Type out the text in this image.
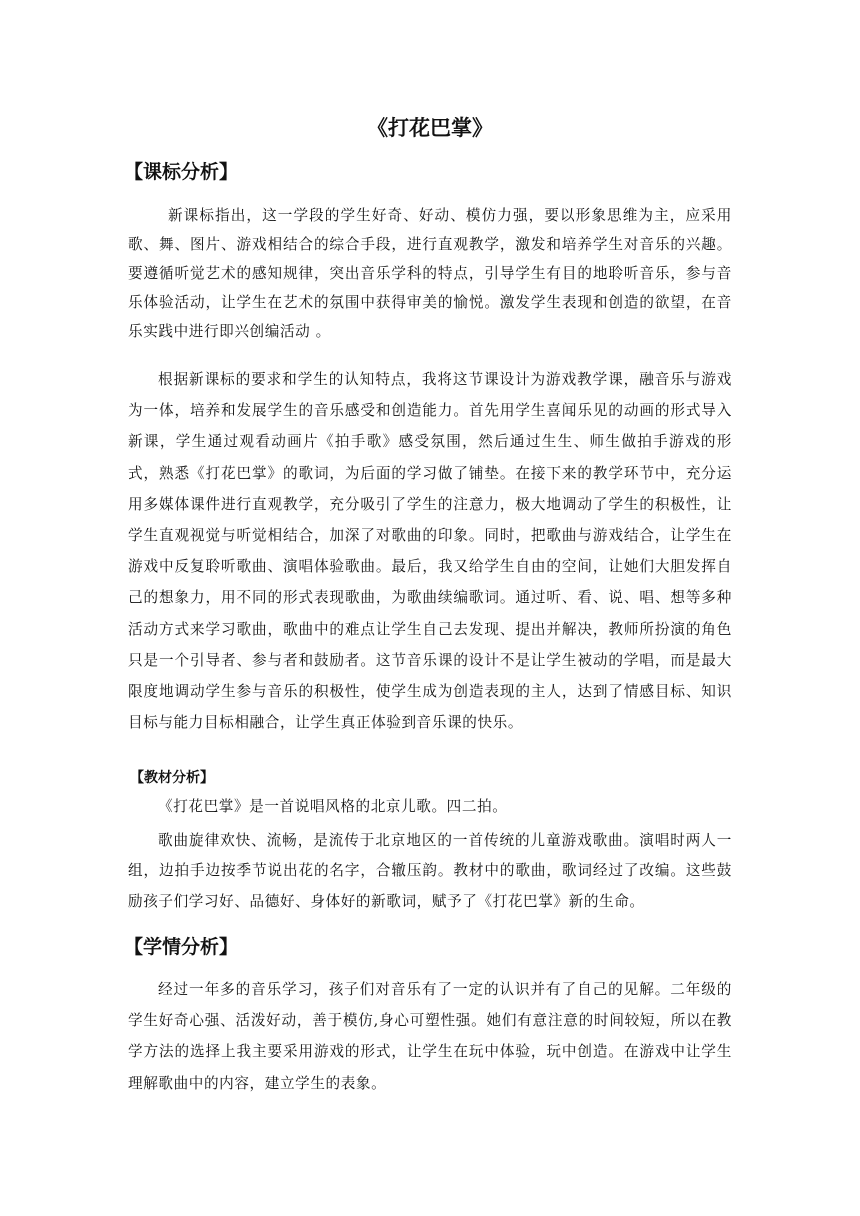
《打花巴掌》
【课标分析】

新课标指出，这一学段的学生好奇、好动、模仿力强，要以形象思维为主，应采用歌、舞、图片、游戏相结合的综合手段，进行直观教学，激发和培养学生对音乐的兴趣。要遵循听觉艺术的感知规律，突出音乐学科的特点，引导学生有目的地聆听音乐，参与音乐体验活动，让学生在艺术的氛围中获得审美的愉悦。激发学生表现和创造的欲望，在音乐实践中进行即兴创编活动 。

根据新课标的要求和学生的认知特点，我将这节课设计为游戏教学课，融音乐与游戏为一体，培养和发展学生的音乐感受和创造能力。首先用学生喜闻乐见的动画的形式导入新课，学生通过观看动画片《拍手歌》感受氛围，然后通过生生、师生做拍手游戏的形式，熟悉《打花巴掌》的歌词，为后面的学习做了铺垫。在接下来的教学环节中，充分运用多媒体课件进行直观教学，充分吸引了学生的注意力，极大地调动了学生的积极性，让学生直观视觉与听觉相结合，加深了对歌曲的印象。同时，把歌曲与游戏结合，让学生在游戏中反复聆听歌曲、演唱体验歌曲。最后，我又给学生自由的空间，让她们大胆发挥自己的想象力，用不同的形式表现歌曲，为歌曲续编歌词。通过听、看、说、唱、想等多种活动方式来学习歌曲，歌曲中的难点让学生自己去发现、提出并解决，教师所扮演的角色只是一个引导者、参与者和鼓励者。这节音乐课的设计不是让学生被动的学唱，而是最大限度地调动学生参与音乐的积极性，使学生成为创造表现的主人，达到了情感目标、知识目标与能力目标相融合，让学生真正体验到音乐课的快乐。

【教材分析】

《打花巴掌》是一首说唱风格的北京儿歌。四二拍。

歌曲旋律欢快、流畅，是流传于北京地区的一首传统的儿童游戏歌曲。演唱时两人一组，边拍手边按季节说出花的名字，合辙压韵。教材中的歌曲，歌词经过了改编。这些鼓励孩子们学习好、品德好、身体好的新歌词，赋予了《打花巴掌》新的生命。

【学情分析】

经过一年多的音乐学习，孩子们对音乐有了一定的认识并有了自己的见解。二年级的学生好奇心强、活泼好动，善于模仿,身心可塑性强。她们有意注意的时间较短，所以在教学方法的选择上我主要采用游戏的形式，让学生在玩中体验，玩中创造。在游戏中让学生理解歌曲中的内容，建立学生的表象。
